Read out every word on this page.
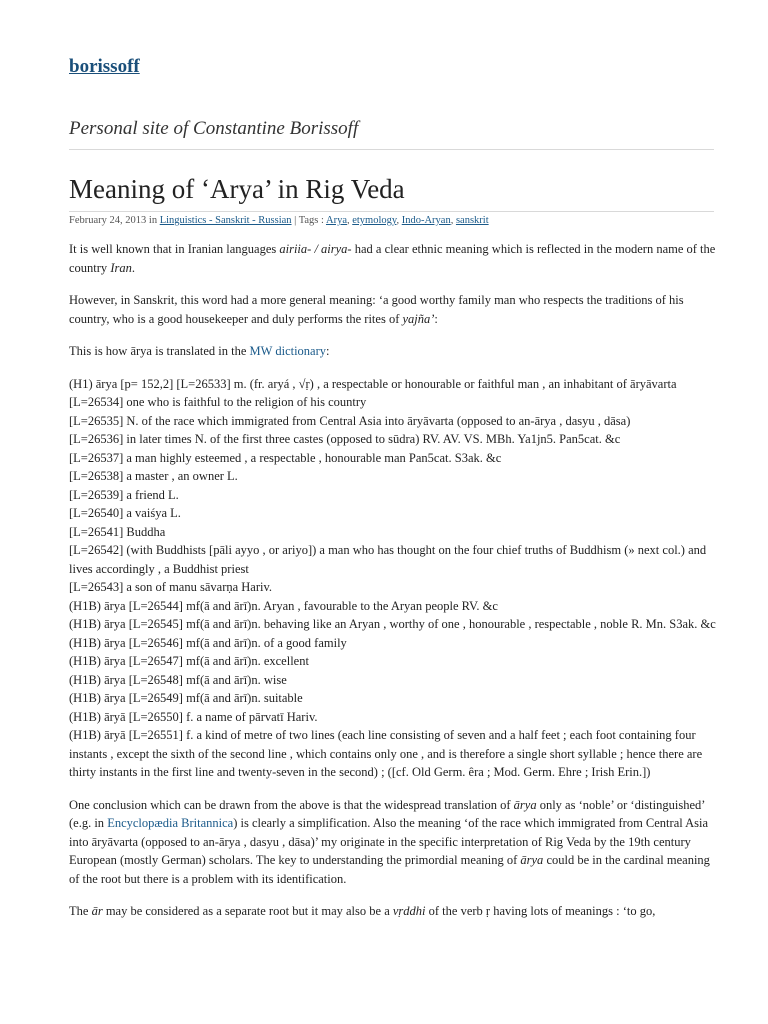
borissoff
Personal site of Constantine Borissoff
Meaning of ‘Arya’ in Rig Veda
February 24, 2013 in Linguistics - Sanskrit - Russian | Tags : Arya, etymology, Indo-Aryan, sanskrit

It is well known that in Iranian languages airiia- / airya- had a clear ethnic meaning which is reflected in the modern name of the country Iran.

However, in Sanskrit, this word had a more general meaning: ‘a good worthy family man who respects the traditions of his country, who is a good housekeeper and duly performs the rites of yajña’:

This is how ārya is translated in the MW dictionary:

(H1) ārya [p= 152,2] [L=26533] m. (fr. aryá , √ṛ) , a respectable or honourable or faithful man , an inhabitant of āryāvarta
[L=26534] one who is faithful to the religion of his country
[L=26535] N. of the race which immigrated from Central Asia into āryāvarta (opposed to an-ārya , dasyu , dāsa)
[L=26536] in later times N. of the first three castes (opposed to sūdra) RV. AV. VS. MBh. Ya1jn5. Pan5cat. &c
[L=26537] a man highly esteemed , a respectable , honourable man Pan5cat. S3ak. &c
[L=26538] a master , an owner L.
[L=26539] a friend L.
[L=26540] a vaiśya L.
[L=26541] Buddha
[L=26542] (with Buddhists [pāli ayyo , or ariyo]) a man who has thought on the four chief truths of Buddhism (» next col.) and lives accordingly , a Buddhist priest
[L=26543] a son of manu sāvarṇa Hariv.
(H1B) ārya [L=26544] mf(ā and ārī)n. Aryan , favourable to the Aryan people RV. &c
(H1B) ārya [L=26545] mf(ā and ārī)n. behaving like an Aryan , worthy of one , honourable , respectable , noble R. Mn. S3ak. &c
(H1B) ārya [L=26546] mf(ā and ārī)n. of a good family
(H1B) ārya [L=26547] mf(ā and ārī)n. excellent
(H1B) ārya [L=26548] mf(ā and ārī)n. wise
(H1B) ārya [L=26549] mf(ā and ārī)n. suitable
(H1B) āryā [L=26550] f. a name of pārvatī Hariv.
(H1B) āryā [L=26551] f. a kind of metre of two lines (each line consisting of seven and a half feet ; each foot containing four instants , except the sixth of the second line , which contains only one , and is therefore a single short syllable ; hence there are thirty instants in the first line and twenty-seven in the second) ; ([cf. Old Germ. êra ; Mod. Germ. Ehre ; Irish Erin.])

One conclusion which can be drawn from the above is that the widespread translation of ārya only as ‘noble’ or ‘distinguished’ (e.g. in Encyclopædia Britannica) is clearly a simplification. Also the meaning ‘of the race which immigrated from Central Asia into āryāvarta (opposed to an-ārya , dasyu , dāsa)’ my originate in the specific interpretation of Rig Veda by the 19th century European (mostly German) scholars. The key to understanding the primordial meaning of ārya could be in the cardinal meaning of the root but there is a problem with its identification.

The ār may be considered as a separate root but it may also be a vṛddhi of the verb ṛ having lots of meanings : ‘to go,
